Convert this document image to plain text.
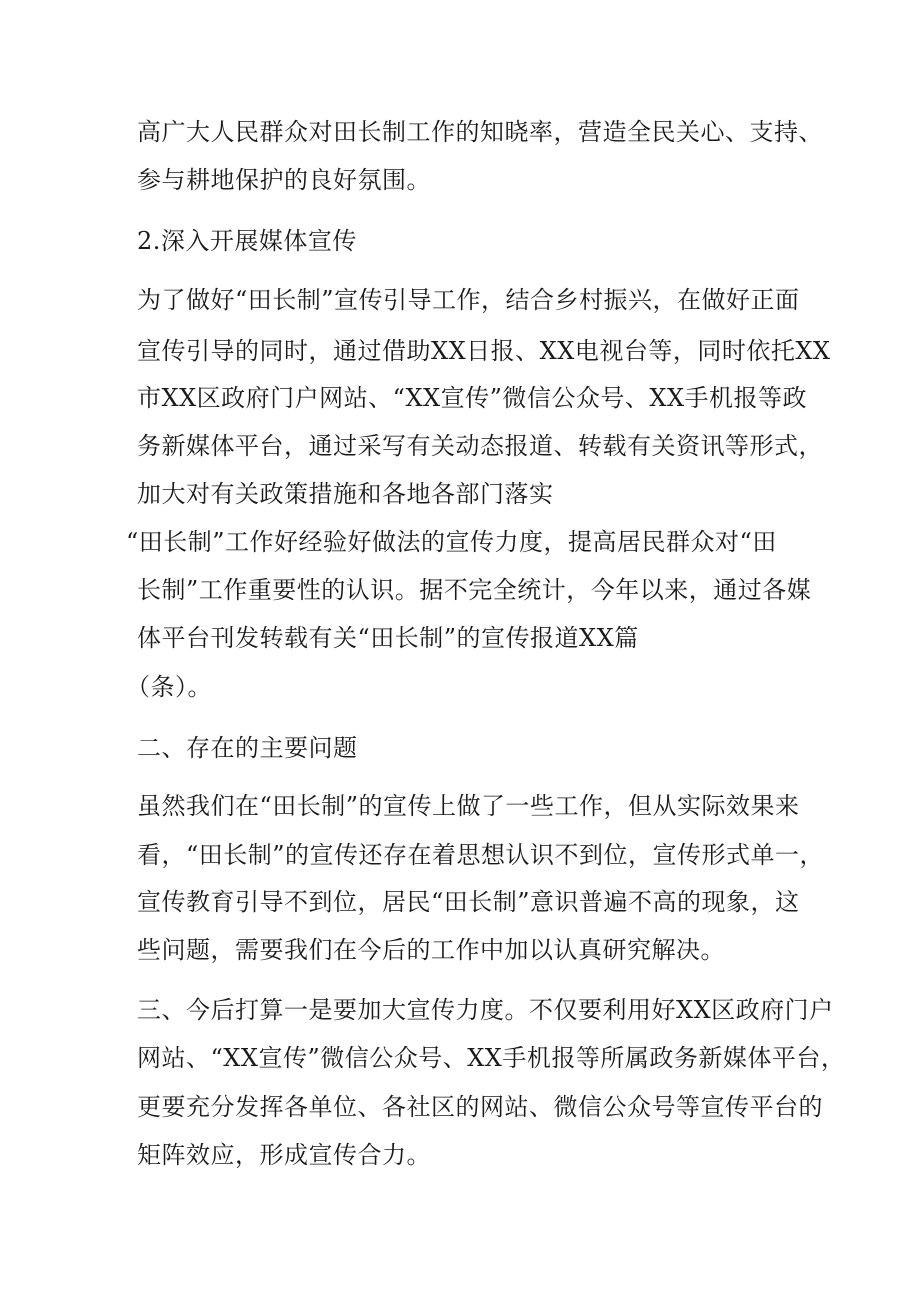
高广大人民群众对田长制工作的知晓率，营造全民关心、支持、
参与耕地保护的良好氛围。
2.深入开展媒体宣传
为了做好“田长制”宣传引导工作，结合乡村振兴，在做好正面
宣传引导的同时，通过借助XX日报、XX电视台等，同时依托XX
市XX区政府门户网站、“XX宣传”微信公众号、XX手机报等政
务新媒体平台，通过采写有关动态报道、转载有关资讯等形式，
加大对有关政策措施和各地各部门落实
“田长制”工作好经验好做法的宣传力度，提高居民群众对“田
长制”工作重要性的认识。据不完全统计，今年以来，通过各媒
体平台刊发转载有关“田长制”的宣传报道XX篇
（条）。
二、存在的主要问题
虽然我们在“田长制”的宣传上做了一些工作，但从实际效果来
看，“田长制”的宣传还存在着思想认识不到位，宣传形式单一，
宣传教育引导不到位，居民“田长制”意识普遍不高的现象，这
些问题，需要我们在今后的工作中加以认真研究解决。
三、今后打算一是要加大宣传力度。不仅要利用好XX区政府门户
网站、“XX宣传”微信公众号、XX手机报等所属政务新媒体平台，
更要充分发挥各单位、各社区的网站、微信公众号等宣传平台的
矩阵效应，形成宣传合力。
